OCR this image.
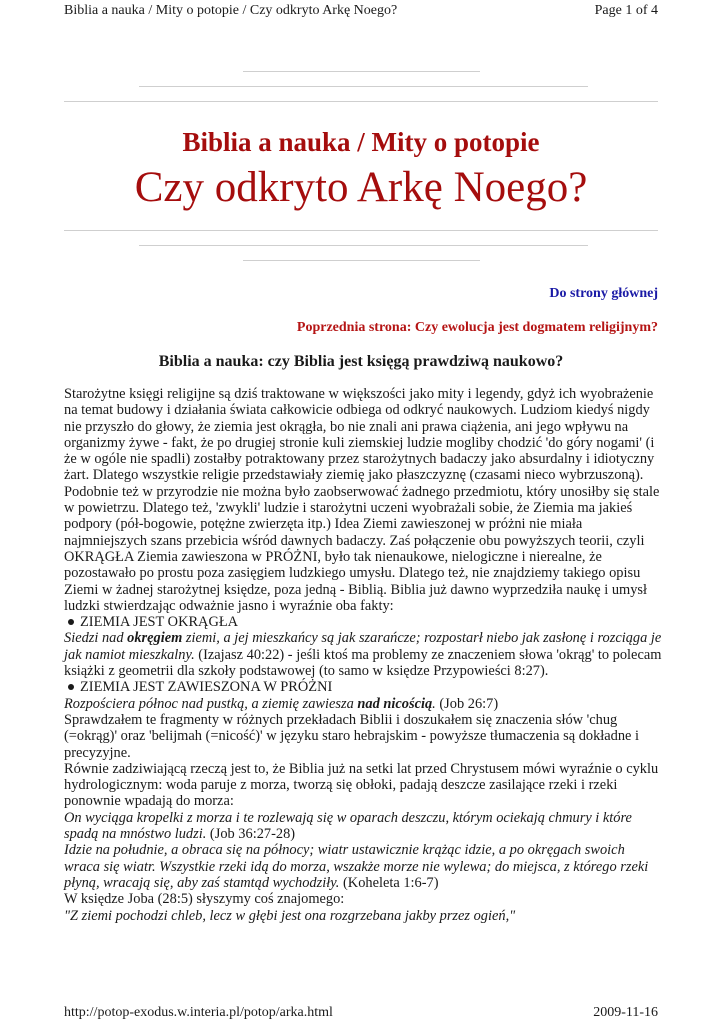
Biblia a nauka / Mity o potopie / Czy odkryto Arkę Noego?	Page 1 of 4
Biblia a nauka / Mity o potopie
Czy odkryto Arkę Noego?
Do strony głównej
Poprzednia strona: Czy ewolucja jest dogmatem religijnym?
Biblia a nauka: czy Biblia jest księgą prawdziwą naukowo?

Starożytne księgi religijne są dziś traktowane w większości jako mity i legendy, gdyż ich wyobrażenie na temat budowy i działania świata całkowicie odbiega od odkryć naukowych. Ludziom kiedyś nigdy nie przyszło do głowy, że ziemia jest okrągła, bo nie znali ani prawa ciążenia, ani jego wpływu na organizmy żywe - fakt, że po drugiej stronie kuli ziemskiej ludzie mogliby chodzić 'do góry nogami' (i że w ogóle nie spadli) zostałby potraktowany przez starożytnych badaczy jako absurdalny i idiotyczny żart. Dlatego wszystkie religie przedstawiały ziemię jako płaszczyznę (czasami nieco wybrzuszoną). Podobnie też w przyrodzie nie można było zaobserwować żadnego przedmiotu, który unosiłby się stale w powietrzu. Dlatego też, 'zwykli' ludzie i starożytni uczeni wyobrażali sobie, że Ziemia ma jakieś podpory (pół-bogowie, potężne zwierzęta itp.) Idea Ziemi zawieszonej w próżni nie miała najmniejszych szans przebicia wśród dawnych badaczy. Zaś połączenie obu powyższych teorii, czyli OKRĄGŁA Ziemia zawieszona w PRÓŻNI, było tak nienaukowe, nielogiczne i nierealne, że pozostawało po prostu poza zasięgiem ludzkiego umysłu. Dlatego też, nie znajdziemy takiego opisu Ziemi w żadnej starożytnej księdze, poza jedną - Biblią. Biblia już dawno wyprzedziła naukę i umysł ludzki stwierdzając odważnie jasno i wyraźnie oba fakty:

ZIEMIA JEST OKRĄGŁA

Siedzi nad okręgiem ziemi, a jej mieszkańcy są jak szarańcze; rozpostarł niebo jak zasłonę i rozciąga je jak namiot mieszkalny. (Izajasz 40:22) - jeśli ktoś ma problemy ze znaczeniem słowa 'okrąg' to polecam książki z geometrii dla szkoły podstawowej (to samo w księdze Przypowieści 8:27).

ZIEMIA JEST ZAWIESZONA W PRÓŻNI

Rozpościera północ nad pustką, a ziemię zawiesza nad nicością. (Job 26:7)

Sprawdzałem te fragmenty w różnych przekładach Biblii i doszukałem się znaczenia słów 'chug (=okrąg)' oraz 'belijmah (=nicość)' w języku staro hebrajskim - powyższe tłumaczenia są dokładne i precyzyjne.

Równie zadziwiającą rzeczą jest to, że Biblia już na setki lat przed Chrystusem mówi wyraźnie o cyklu hydrologicznym: woda paruje z morza, tworzą się obłoki, padają deszcze zasilające rzeki i rzeki ponownie wpadają do morza:

On wyciąga kropelki z morza i te rozlewają się w oparach deszczu, którym ociekają chmury i które spadą na mnóstwo ludzi. (Job 36:27-28)

Idzie na południe, a obraca się na północy; wiatr ustawicznie krążąc idzie, a po okręgach swoich wraca się wiatr. Wszystkie rzeki idą do morza, wszakże morze nie wylewa; do miejsca, z którego rzeki płyną, wracają się, aby zaś stamtąd wychodziły. (Koheleta 1:6-7)

W księdze Joba (28:5) słyszymy coś znajomego:

"Z ziemi pochodzi chleb, lecz w głębi jest ona rozgrzebana jakby przez ogień,"

http://potop-exodus.w.interia.pl/potop/arka.html	2009-11-16
